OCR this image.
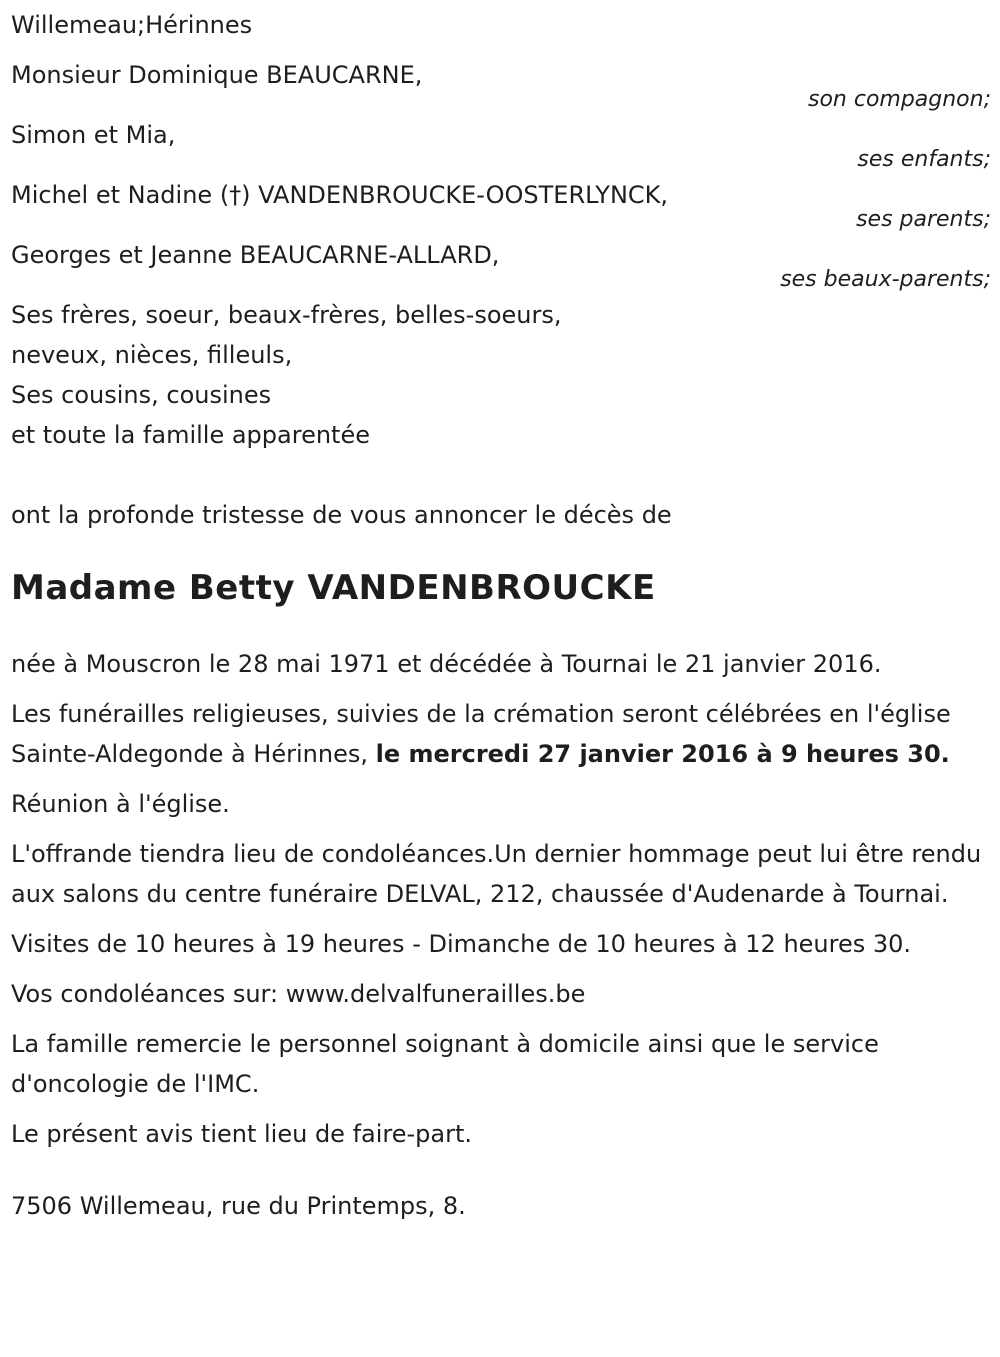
Willemeau;Hérinnes
Monsieur Dominique BEAUCARNE,
son compagnon;
Simon et Mia,
ses enfants;
Michel et Nadine (†) VANDENBROUCKE-OOSTERLYNCK,
ses parents;
Georges et Jeanne BEAUCARNE-ALLARD,
ses beaux-parents;
Ses frères, soeur, beaux-frères, belles-soeurs,
neveux, nièces, filleuls,
Ses cousins, cousines
et toute la famille apparentée
ont la profonde tristesse de vous annoncer le décès de
Madame Betty VANDENBROUCKE

née à Mouscron le 28 mai 1971 et décédée à Tournai le 21 janvier 2016.

Les funérailles religieuses, suivies de la crémation seront célébrées en l'église Sainte-Aldegonde à Hérinnes, le mercredi 27 janvier 2016 à 9 heures 30.

Réunion à l'église.

L'offrande tiendra lieu de condoléances.Un dernier hommage peut lui être rendu aux salons du centre funéraire DELVAL, 212, chaussée d'Audenarde à Tournai.

Visites de 10 heures à 19 heures - Dimanche de 10 heures à 12 heures 30.

Vos condoléances sur: www.delvalfunerailles.be

La famille remercie le personnel soignant à domicile ainsi que le service d'oncologie de l'IMC.

Le présent avis tient lieu de faire-part.

7506 Willemeau, rue du Printemps, 8.
